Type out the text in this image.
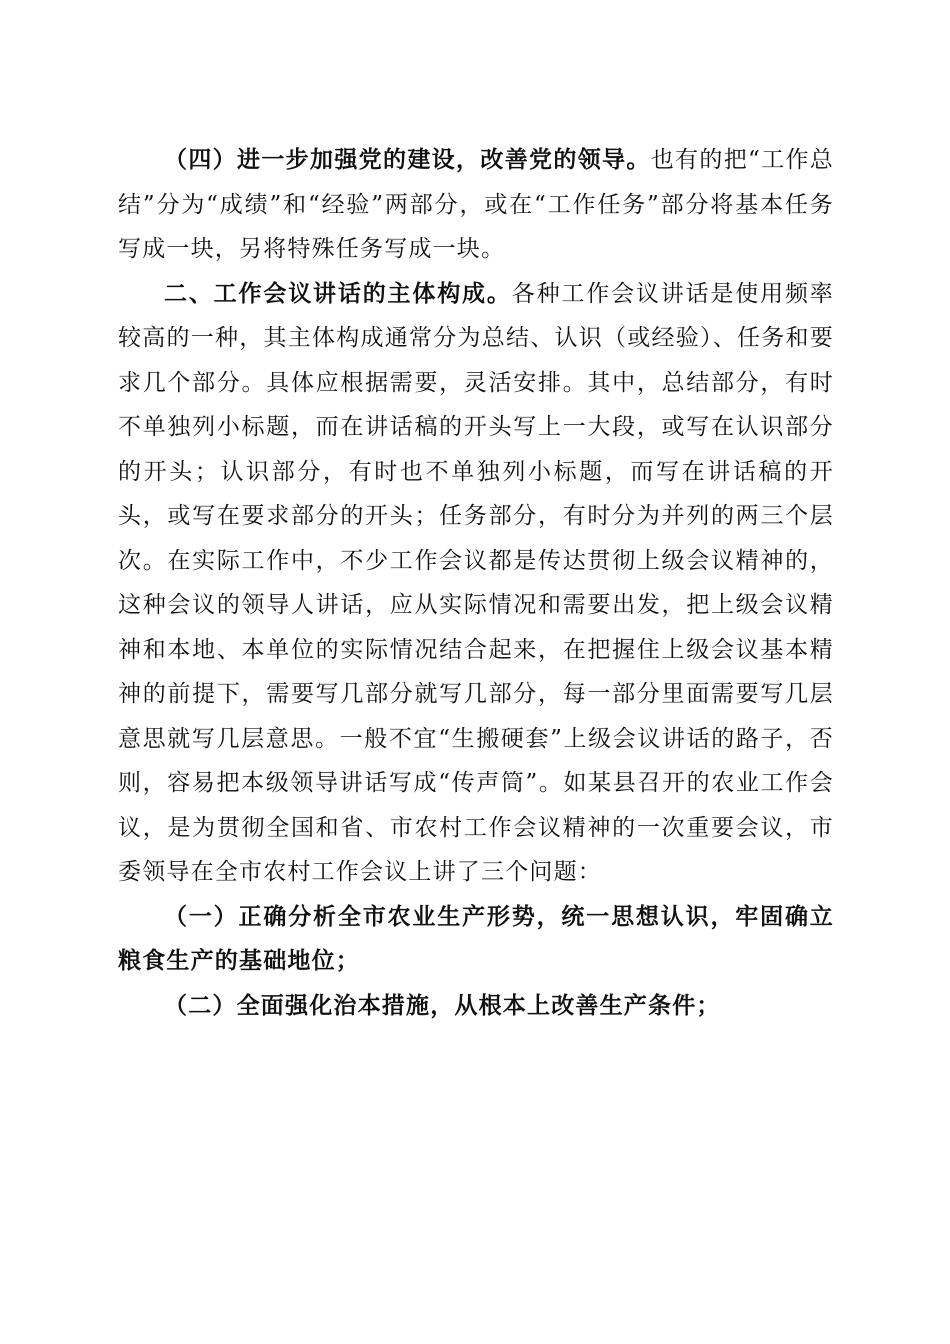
（四）进一步加强党的建设，改善党的领导。也有的把“工作总结”分为“成绩”和“经验”两部分，或在“工作任务”部分将基本任务写成一块，另将特殊任务写成一块。

二、工作会议讲话的主体构成。各种工作会议讲话是使用频率较高的一种，其主体构成通常分为总结、认识（或经验）、任务和要求几个部分。具体应根据需要，灵活安排。其中，总结部分，有时不单独列小标题，而在讲话稿的开头写上一大段，或写在认识部分的开头；认识部分，有时也不单独列小标题，而写在讲话稿的开头，或写在要求部分的开头；任务部分，有时分为并列的两三个层次。在实际工作中，不少工作会议都是传达贯彻上级会议精神的，这种会议的领导人讲话，应从实际情况和需要出发，把上级会议精神和本地、本单位的实际情况结合起来，在把握住上级会议基本精神的前提下，需要写几部分就写几部分，每一部分里面需要写几层意思就写几层意思。一般不宜“生搬硬套”上级会议讲话的路子，否则，容易把本级领导讲话写成“传声筒”。如某县召开的农业工作会议，是为贯彻全国和省、市农村工作会议精神的一次重要会议，市委领导在全市农村工作会议上讲了三个问题：

（一）正确分析全市农业生产形势，统一思想认识，牢固确立粮食生产的基础地位；

（二）全面强化治本措施，从根本上改善生产条件；
